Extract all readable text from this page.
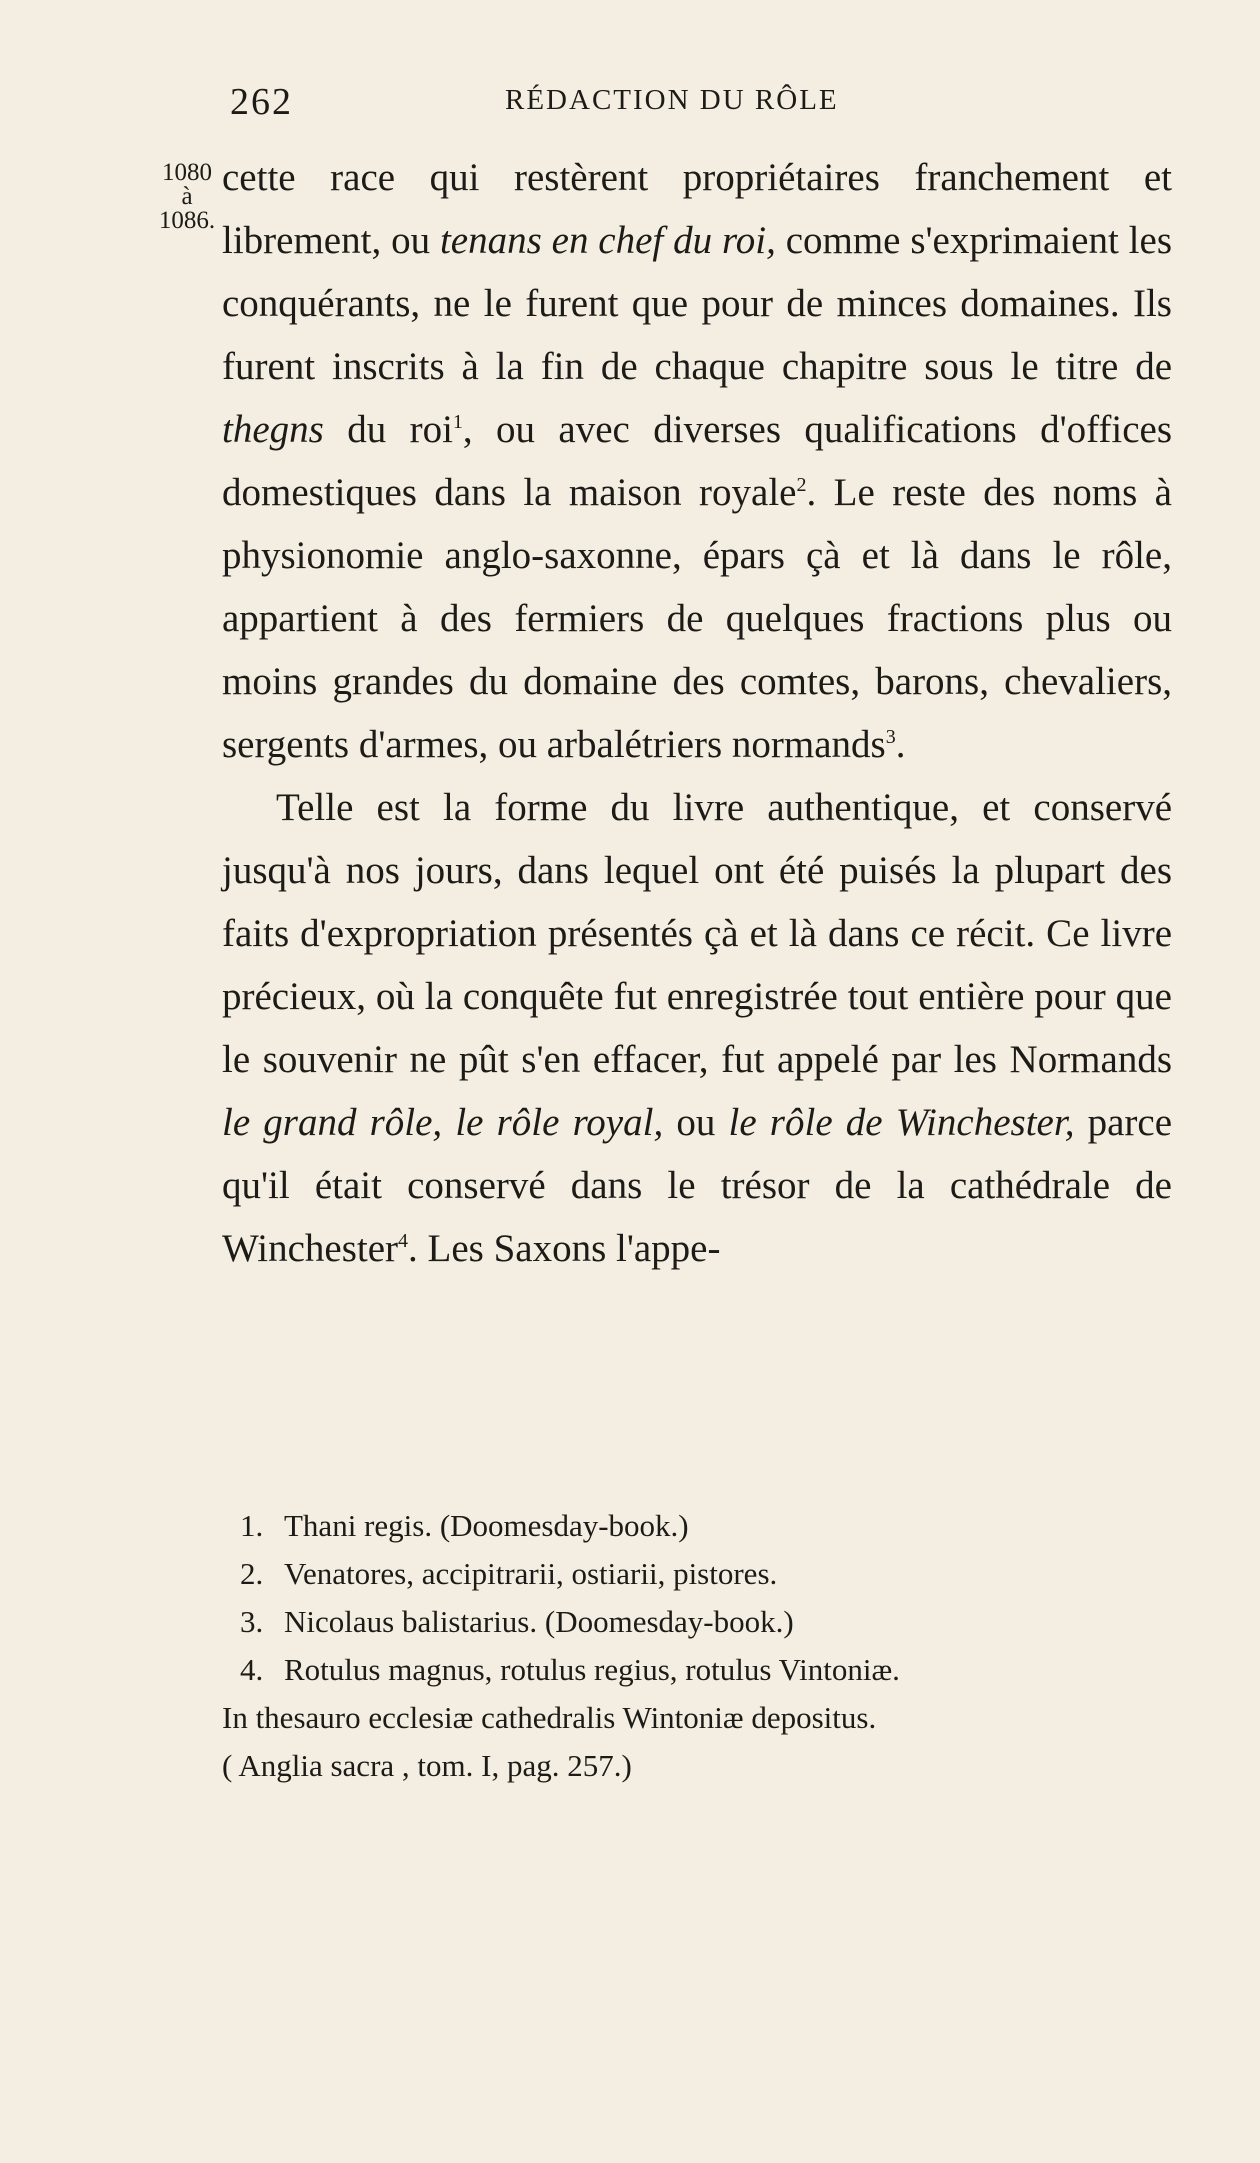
262	RÉDACTION DU RÔLE
1080
à
1086.

cette race qui restèrent propriétaires franchement et librement, ou tenans en chef du roi, comme s'exprimaient les conquérants, ne le furent que pour de minces domaines. Ils furent inscrits à la fin de chaque chapitre sous le titre de thegns du roi$^1$, ou avec diverses qualifications d'offices domestiques dans la maison royale$^2$. Le reste des noms à physionomie anglo-saxonne, épars çà et là dans le rôle, appartient à des fermiers de quelques fractions plus ou moins grandes du domaine des comtes, barons, chevaliers, sergents d'armes, ou arbalétriers normands$^3$.

Telle est la forme du livre authentique, et conservé jusqu'à nos jours, dans lequel ont été puisés la plupart des faits d'expropriation présentés çà et là dans ce récit. Ce livre précieux, où la conquête fut enregistrée tout entière pour que le souvenir ne pût s'en effacer, fut appelé par les Normands le grand rôle, le rôle royal, ou le rôle de Winchester, parce qu'il était conservé dans le trésor de la cathédrale de Winchester$^4$. Les Saxons l'appe-

1. Thani regis. (Doomesday-book.)
2. Venatores, accipitrarii, ostiarii, pistores.
3. Nicolaus balistarius. (Doomesday-book.)
4. Rotulus magnus, rotulus regius, rotulus Vintoniæ.
In thesauro ecclesiæ cathedralis Wintoniæ depositus.
( Anglia sacra , tom. I, pag. 257.)
